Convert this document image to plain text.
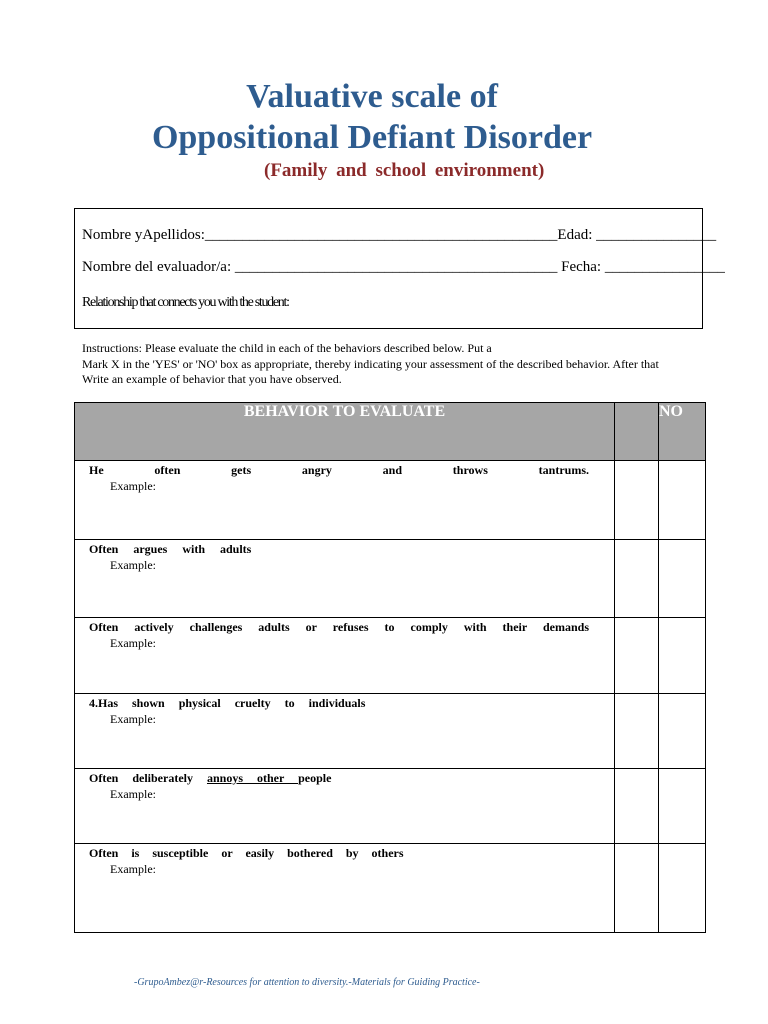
Valuative scale of
Oppositional Defiant Disorder
(Family and school environment)
Nombre yApellidos:_______________________________________________Edad: ________________
Nombre del evaluador/a: ___________________________________________ Fecha: ________________
Relationship that connects you with the student:
Instructions: Please evaluate the child in each of the behaviors described below. Put a
Mark X in the 'YES' or 'NO' box as appropriate, thereby indicating your assessment of the described behavior. After that
Write an example of behavior that you have observed.
BEHAVIOR TO EVALUATE		NO

He often gets angry and throws tantrums.
Example:		

Often argues with adults
Example:		

Often actively challenges adults or refuses to comply with their demands
Example:		

4.Has shown physical cruelty to individuals
Example:		

Often deliberately annoys other people
Example:		

Often is susceptible or easily bothered by others
Example:		

-GrupoAmbez@r-Resources for attention to diversity.-Materials for Guiding Practice-
